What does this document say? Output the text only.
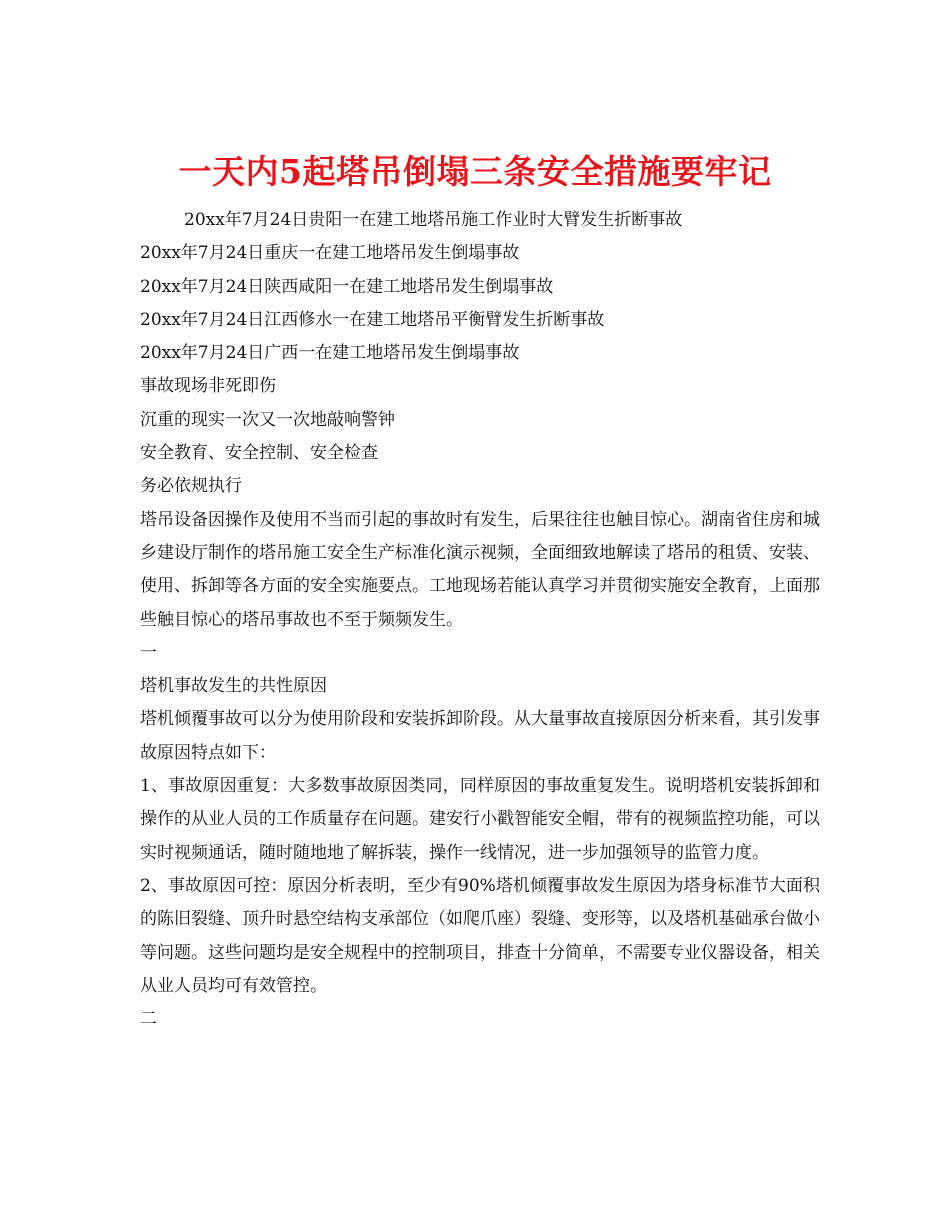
一天内5起塔吊倒塌三条安全措施要牢记

20xx年7月24日贵阳一在建工地塔吊施工作业时大臂发生折断事故

20xx年7月24日重庆一在建工地塔吊发生倒塌事故

20xx年7月24日陕西咸阳一在建工地塔吊发生倒塌事故

20xx年7月24日江西修水一在建工地塔吊平衡臂发生折断事故

20xx年7月24日广西一在建工地塔吊发生倒塌事故

事故现场非死即伤

沉重的现实一次又一次地敲响警钟

安全教育、安全控制、安全检查

务必依规执行

塔吊设备因操作及使用不当而引起的事故时有发生，后果往往也触目惊心。湖南省住房和城乡建设厅制作的塔吊施工安全生产标准化演示视频，全面细致地解读了塔吊的租赁、安装、使用、拆卸等各方面的安全实施要点。工地现场若能认真学习并贯彻实施安全教育，上面那些触目惊心的塔吊事故也不至于频频发生。

一

塔机事故发生的共性原因

塔机倾覆事故可以分为使用阶段和安装拆卸阶段。从大量事故直接原因分析来看，其引发事故原因特点如下：

1、事故原因重复：大多数事故原因类同，同样原因的事故重复发生。说明塔机安装拆卸和操作的从业人员的工作质量存在问题。建安行小戳智能安全帽，带有的视频监控功能，可以实时视频通话，随时随地地了解拆装，操作一线情况，进一步加强领导的监管力度。

2、事故原因可控：原因分析表明，至少有90%塔机倾覆事故发生原因为塔身标准节大面积的陈旧裂缝、顶升时悬空结构支承部位（如爬爪座）裂缝、变形等，以及塔机基础承台做小等问题。这些问题均是安全规程中的控制项目，排查十分简单，不需要专业仪器设备，相关从业人员均可有效管控。

二
